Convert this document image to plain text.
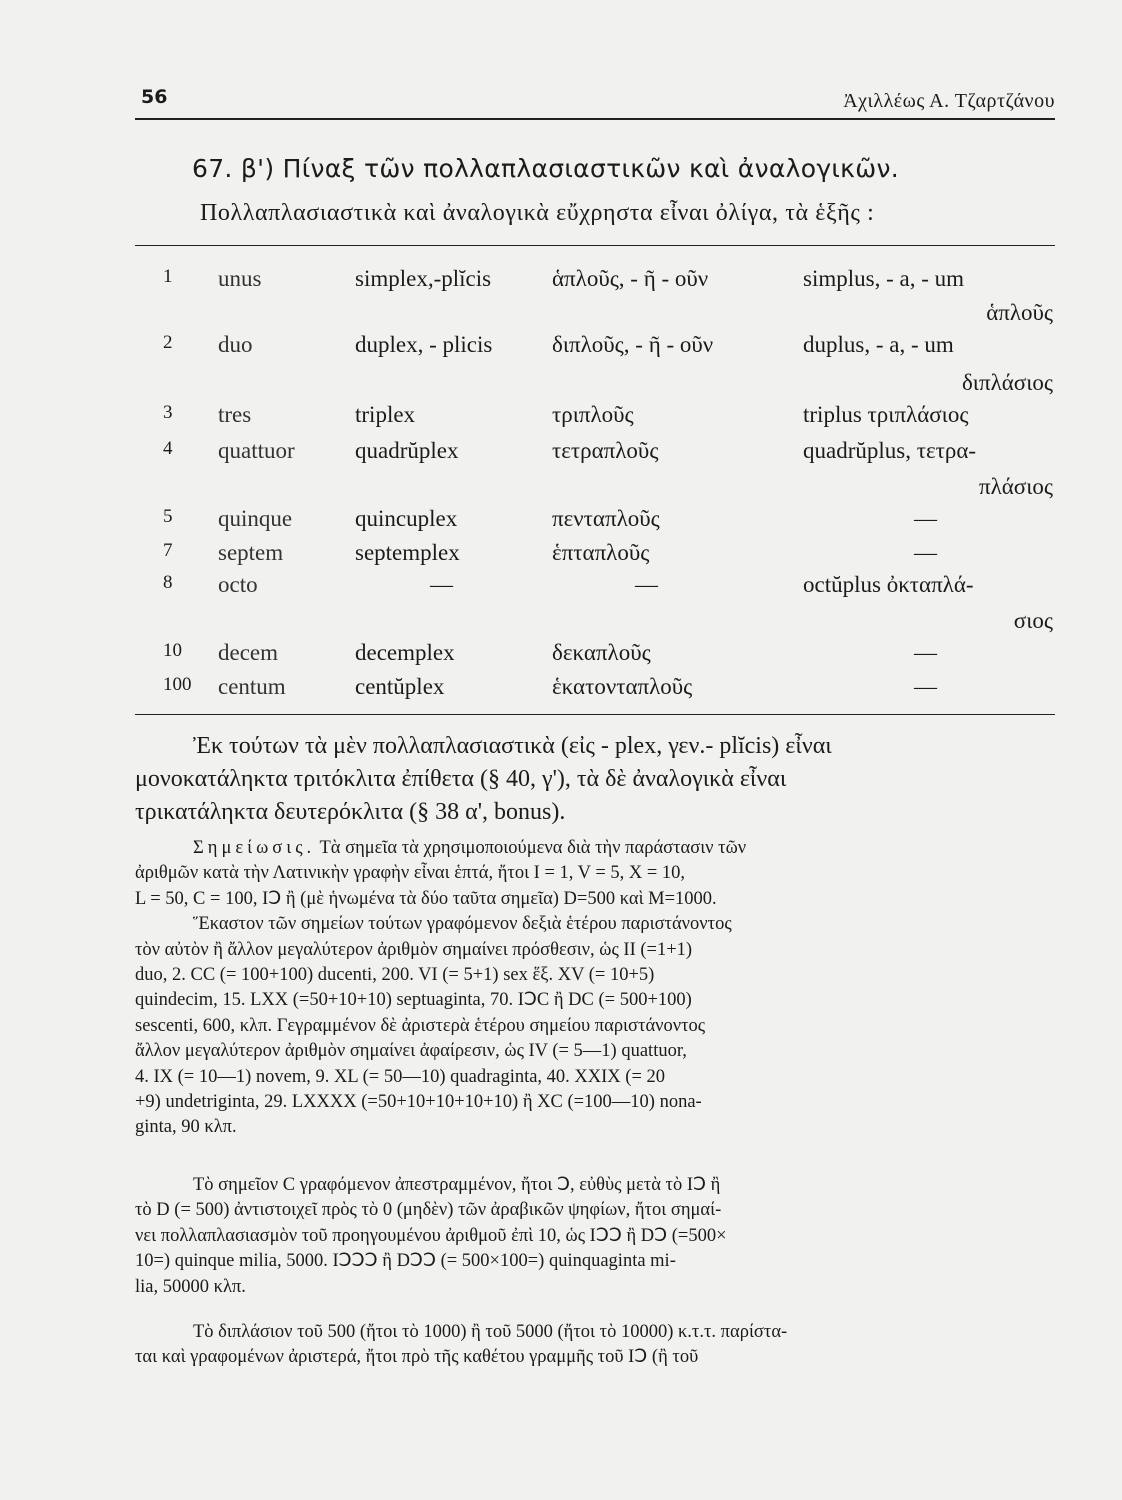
56	Ἀχιλλέως Α. Τζαρτζάνου
67. β') Πίναξ τῶν πολλαπλασιαστικῶν καὶ ἀναλογικῶν.
Πολλαπλασιαστικὰ καὶ ἀναλογικὰ εὔχρηστα εἶναι ὀλίγα, τὰ ἑξῆς :
1 unus	simplex,-plĭcis	ἁπλοῦς, - ῆ - οῦν	simplus, - a, - um
ἁπλοῦς
2 duo	duplex, - plicis	διπλοῦς, - ῆ - οῦν	duplus, - a, - um
διπλάσιος
3 tres	triplex	τριπλοῦς	triplus τριπλάσιος
4 quattuor	quadrŭplex	τετραπλοῦς	quadrŭplus, τετρα-
πλάσιος
5 quinque	quincuplex	πενταπλοῦς	—
7 septem	septemplex	ἑπταπλοῦς	—
8 octo	—	—	octŭplus ὀκταπλά-
σιος
10 decem	decemplex	δεκαπλοῦς	—
100 centum	centŭplex	ἑκατονταπλοῦς	—
Ἐκ τούτων τὰ μὲν πολλαπλασιαστικὰ (εἰς - plex, γεν.- plĭcis) εἶναι
μονοκατάληκτα τριτόκλιτα ἐπίθετα (§ 40, γ'), τὰ δὲ ἀναλογικὰ εἶναι
τρικατάληκτα δευτερόκλιτα (§ 38 α', bonus).
Σημείωσις. Τὰ σημεῖα τὰ χρησιμοποιούμενα διὰ τὴν παράστασιν τῶν
ἀριθμῶν κατὰ τὴν Λατινικὴν γραφὴν εἶναι ἑπτά, ἤτοι I = 1, V = 5, X = 10,
L = 50, C = 100, IↃ ἢ (μὲ ἡνωμένα τὰ δύο ταῦτα σημεῖα) D=500 καὶ M=1000.
Ἕκαστον τῶν σημείων τούτων γραφόμενον δεξιὰ ἑτέρου παριστάνοντος
τὸν αὐτὸν ἢ ἄλλον μεγαλύτερον ἀριθμὸν σημαίνει πρόσθεσιν, ὡς II (=1+1)
duo, 2. CC (= 100+100) ducenti, 200. VI (= 5+1) sex ἕξ. XV (= 10+5)
quindecim, 15. LXX (=50+10+10) septuaginta, 70. IↃC ἢ DC (= 500+100)
sescenti, 600, κλπ. Γεγραμμένον δὲ ἀριστερὰ ἑτέρου σημείου παριστάνοντος
ἄλλον μεγαλύτερον ἀριθμὸν σημαίνει ἀφαίρεσιν, ὡς IV (= 5—1) quattuor,
4. IX (= 10—1) novem, 9. XL (= 50—10) quadraginta, 40. XXIX (= 20
+9) undetriginta, 29. LXXXX (=50+10+10+10+10) ἢ XC (=100—10) nona-
ginta, 90 κλπ.
Τὸ σημεῖον C γραφόμενον ἀπεστραμμένον, ἤτοι Ↄ, εὐθὺς μετὰ τὸ IↃ ἢ
τὸ D (= 500) ἀντιστοιχεῖ πρὸς τὸ 0 (μηδὲν) τῶν ἀραβικῶν ψηφίων, ἤτοι σημαί-
νει πολλαπλασιασμὸν τοῦ προηγουμένου ἀριθμοῦ ἐπὶ 10, ὡς IↃↃ ἢ DↃ (=500×
10=) quinque milia, 5000. IↃↃↃ ἢ DↃↃ (= 500×100=) quinquaginta mi-
lia, 50000 κλπ.
Τὸ διπλάσιον τοῦ 500 (ἤτοι τὸ 1000) ἢ τοῦ 5000 (ἤτοι τὸ 10000) κ.τ.τ. παρίστα-
ται καὶ γραφομένων ἀριστερά, ἤτοι πρὸ τῆς καθέτου γραμμῆς τοῦ IↃ (ἢ τοῦ
